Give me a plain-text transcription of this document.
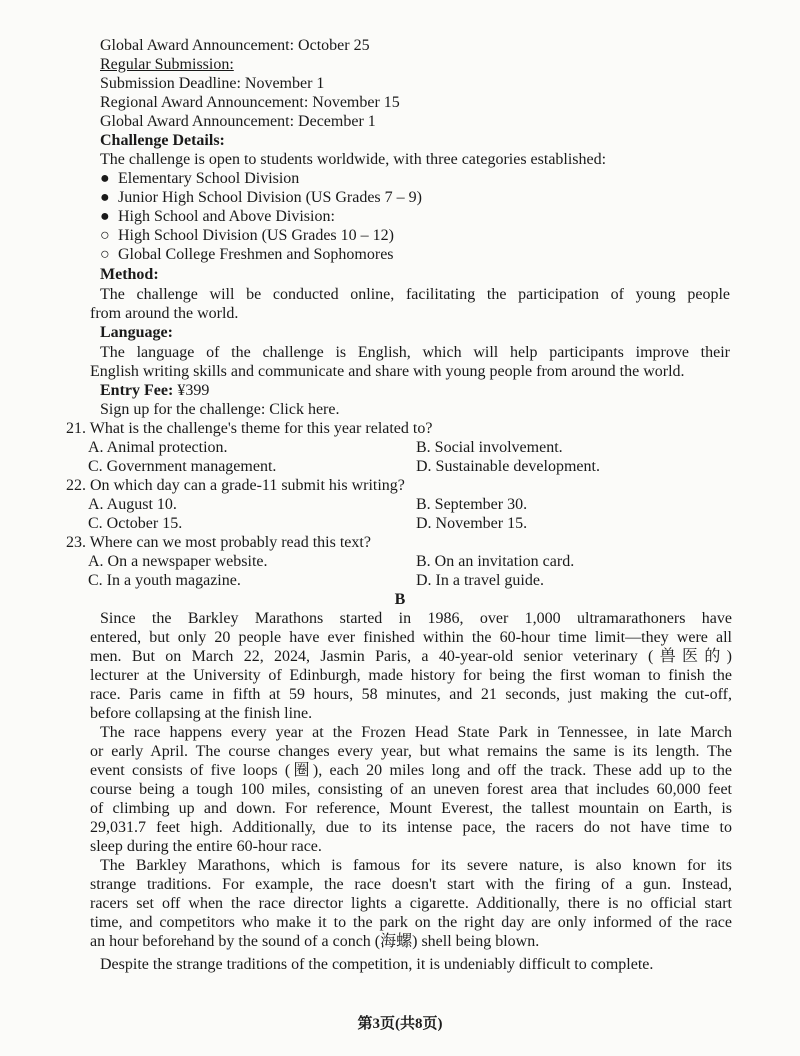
Global Award Announcement: October 25
Regular Submission:
Submission Deadline: November 1
Regional Award Announcement: November 15
Global Award Announcement: December 1
Challenge Details:
The challenge is open to students worldwide, with three categories established:
● Elementary School Division
● Junior High School Division (US Grades 7 – 9)
● High School and Above Division:
○ High School Division (US Grades 10 – 12)
○ Global College Freshmen and Sophomores
Method:
The challenge will be conducted online, facilitating the participation of young people
from around the world.
Language:
The language of the challenge is English, which will help participants improve their
English writing skills and communicate and share with young people from around the world.
Entry Fee: ¥399
Sign up for the challenge: Click here.
21. What is the challenge's theme for this year related to?
A. Animal protection.	B. Social involvement.
C. Government management.	D. Sustainable development.
22. On which day can a grade-11 submit his writing?
A. August 10.	B. September 30.
C. October 15.	D. November 15.
23. Where can we most probably read this text?
A. On a newspaper website.	B. On an invitation card.
C. In a youth magazine.	D. In a travel guide.
B
Since the Barkley Marathons started in 1986, over 1,000 ultramarathoners have
entered, but only 20 people have ever finished within the 60-hour time limit—they were all
men. But on March 22, 2024, Jasmin Paris, a 40-year-old senior veterinary (兽医的)
lecturer at the University of Edinburgh, made history for being the first woman to finish the
race. Paris came in fifth at 59 hours, 58 minutes, and 21 seconds, just making the cut-off,
before collapsing at the finish line.
The race happens every year at the Frozen Head State Park in Tennessee, in late March
or early April. The course changes every year, but what remains the same is its length. The
event consists of five loops (圈), each 20 miles long and off the track. These add up to the
course being a tough 100 miles, consisting of an uneven forest area that includes 60,000 feet
of climbing up and down. For reference, Mount Everest, the tallest mountain on Earth, is
29,031.7 feet high. Additionally, due to its intense pace, the racers do not have time to
sleep during the entire 60-hour race.
The Barkley Marathons, which is famous for its severe nature, is also known for its
strange traditions. For example, the race doesn't start with the firing of a gun. Instead,
racers set off when the race director lights a cigarette. Additionally, there is no official start
time, and competitors who make it to the park on the right day are only informed of the race
an hour beforehand by the sound of a conch (海螺) shell being blown.
Despite the strange traditions of the competition, it is undeniably difficult to complete.
第3页(共8页)
